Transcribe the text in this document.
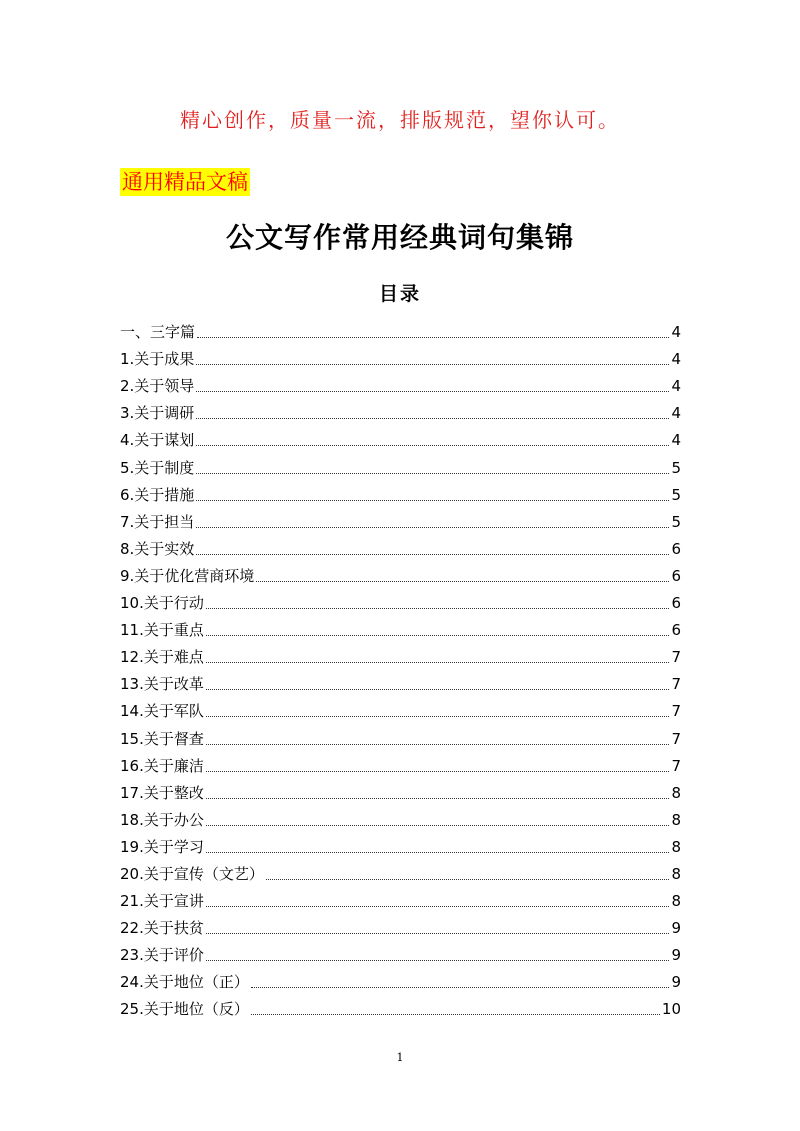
精心创作，质量一流，排版规范，望你认可。
通用精品文稿
公文写作常用经典词句集锦
目录
一、三字篇	4
1.关于成果	4
2.关于领导	4
3.关于调研	4
4.关于谋划	4
5.关于制度	5
6.关于措施	5
7.关于担当	5
8.关于实效	6
9.关于优化营商环境	6
10.关于行动	6
11.关于重点	6
12.关于难点	7
13.关于改革	7
14.关于军队	7
15.关于督查	7
16.关于廉洁	7
17.关于整改	8
18.关于办公	8
19.关于学习	8
20.关于宣传（文艺）	8
21.关于宣讲	8
22.关于扶贫	9
23.关于评价	9
24.关于地位（正）	9
25.关于地位（反）	10
1
